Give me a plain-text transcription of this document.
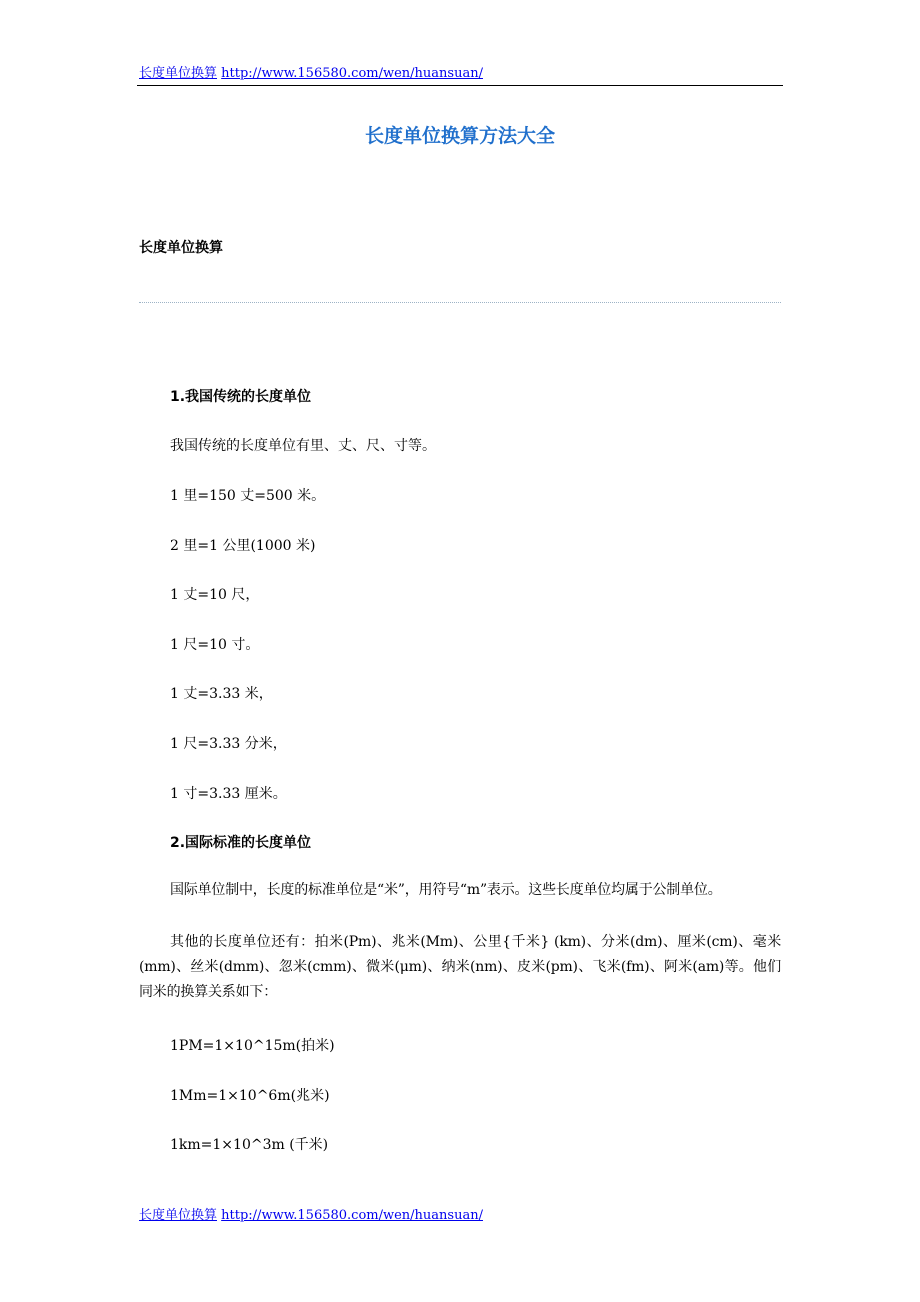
长度单位换算 http://www.156580.com/wen/huansuan/
长度单位换算方法大全
长度单位换算
1.我国传统的长度单位
我国传统的长度单位有里、丈、尺、寸等。
1 里=150 丈=500 米。
2 里=1 公里(1000 米)
1 丈=10 尺，
1 尺=10 寸。
1 丈=3.33 米，
1 尺=3.33 分米，
1 寸=3.33 厘米。
2.国际标准的长度单位
国际单位制中，长度的标准单位是“米”，用符号“m”表示。这些长度单位均属于公制单位。
其他的长度单位还有：拍米(Pm)、兆米(Mm)、公里{千米} (km)、分米(dm)、厘米(cm)、毫米(mm)、丝米(dmm)、忽米(cmm)、微米(μm)、纳米(nm)、皮米(pm)、飞米(fm)、阿米(am)等。他们同米的换算关系如下：
1PM=1×10^15m(拍米)
1Mm=1×10^6m(兆米)
1km=1×10^3m (千米)
长度单位换算 http://www.156580.com/wen/huansuan/
